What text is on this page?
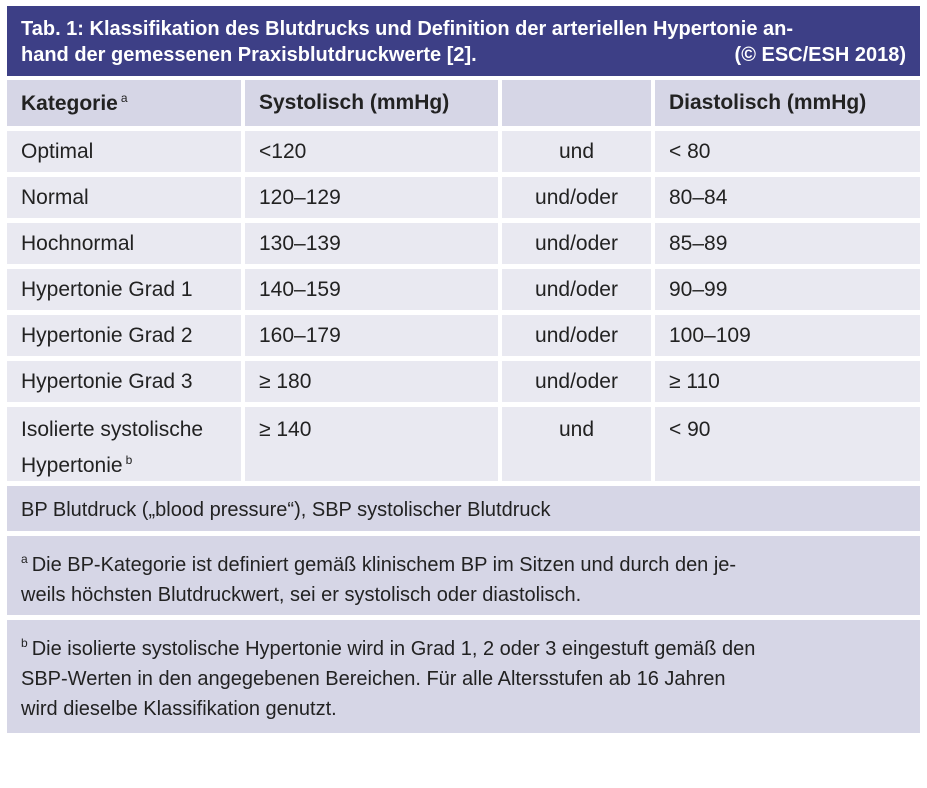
Tab. 1: Klassifikation des Blutdrucks und Definition der arteriellen Hypertonie an-
hand der gemessenen Praxisblutdruckwerte [2].	(© ESC/ESH 2018)
Kategorie $^a$	Systolisch (mmHg)		Diastolisch (mmHg)
Optimal	<120	und	< 80
Normal	120–129	und/oder	80–84
Hochnormal	130–139	und/oder	85–89
Hypertonie Grad 1	140–159	und/oder	90–99
Hypertonie Grad 2	160–179	und/oder	100–109
Hypertonie Grad 3	≥ 180	und/oder	≥ 110
Isolierte systolische
Hypertonie $^b$	≥ 140	und	< 90
BP Blutdruck („blood pressure“), SBP systolischer Blutdruck
$^a$ Die BP-Kategorie ist definiert gemäß klinischem BP im Sitzen und durch den je-
weils höchsten Blutdruckwert, sei er systolisch oder diastolisch.
$^b$ Die isolierte systolische Hypertonie wird in Grad 1, 2 oder 3 eingestuft gemäß den
SBP-Werten in den angegebenen Bereichen. Für alle Altersstufen ab 16 Jahren
wird dieselbe Klassifikation genutzt.
